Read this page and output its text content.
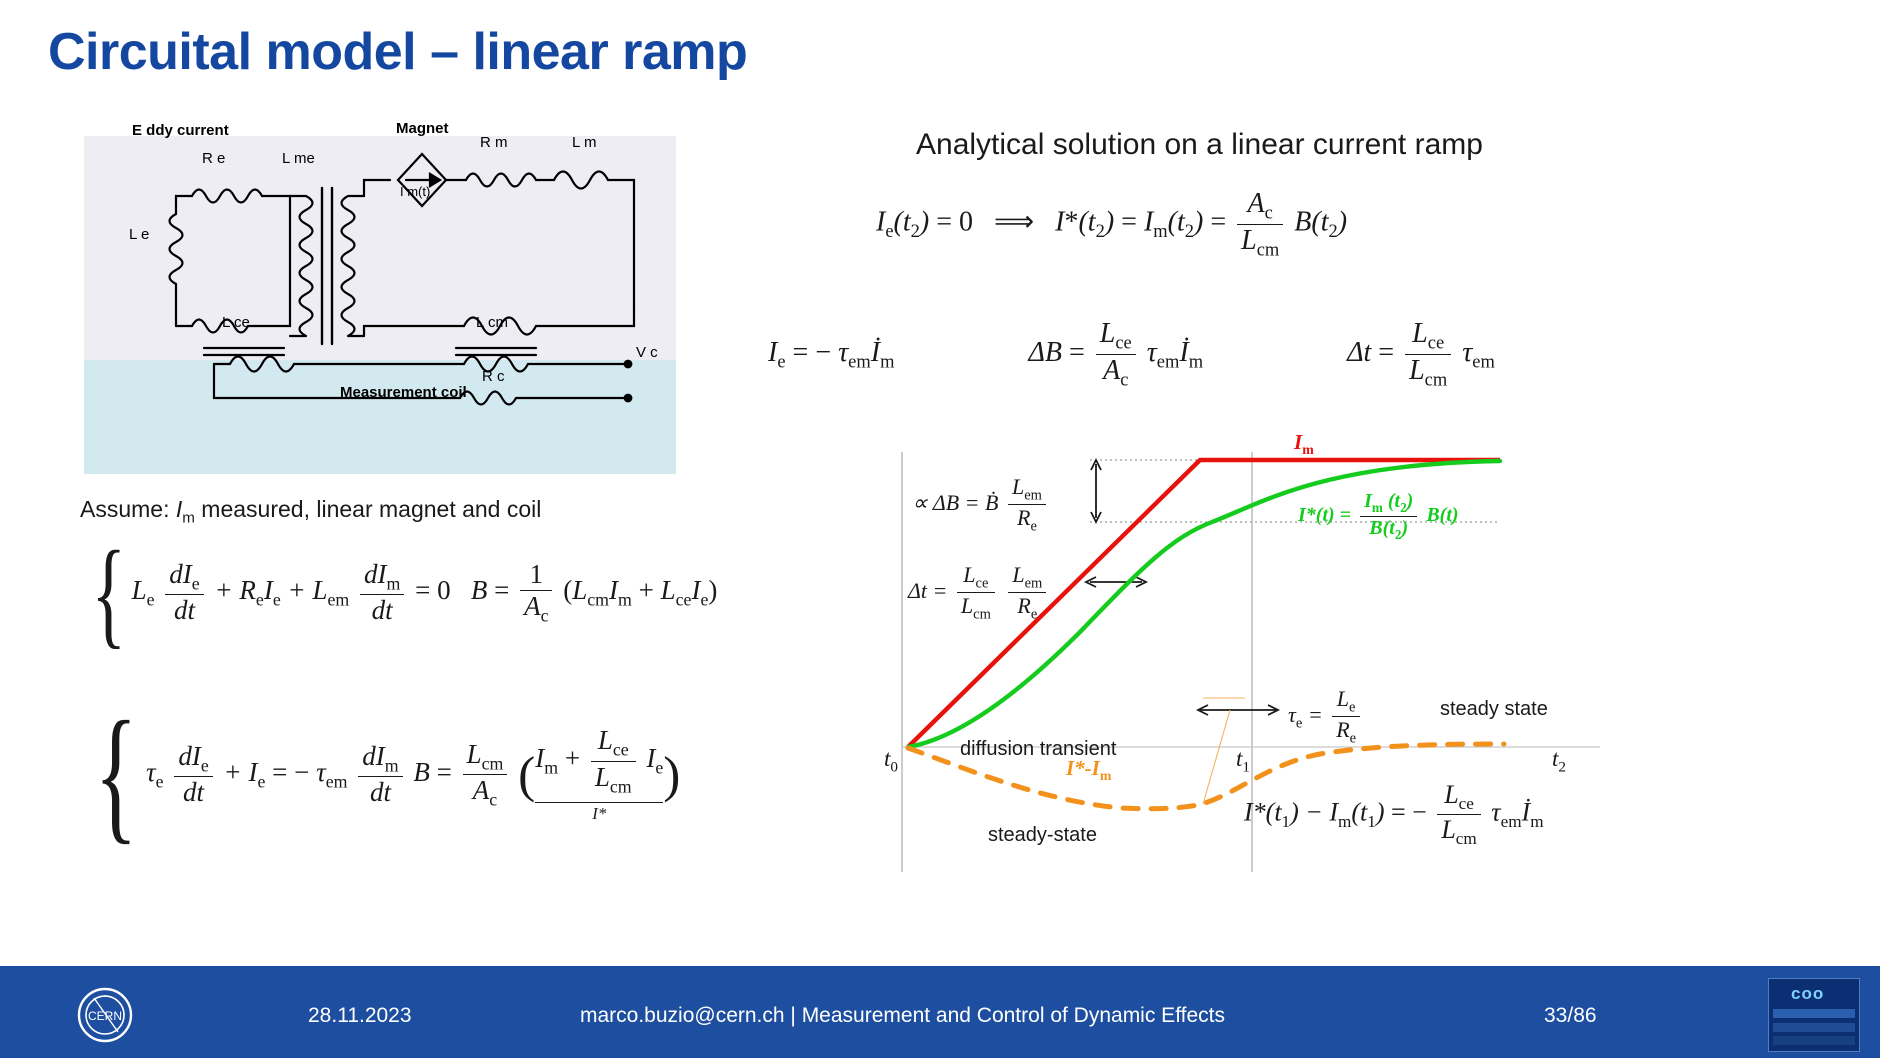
Circuital model – linear ramp
E ddy current	Magnet
R e	L me
L e
L ce
R m	L m
L cm
R c
V c
I m(t)
Measurement coil
Assume: $I_m$ measured, linear magnet and coil
{$L_e \frac{dI_e}{dt} + R_eI_e + L_{em} \frac{dI_m}{dt} = 0$   $B = \frac{1}{A_c} (L_{cm}I_m + L_{ce}I_e)$
{$\tau_e \frac{dI_e}{dt} + I_e$ = − $\tau_{em} \frac{dI_m}{dt}$ $B = \frac{L_{cm}}{A_c} (I_m + \frac{L_{ce}}{L_{cm}} I_e$
I*
)
Analytical solution on a linear current ramp
$I_e(t_2) = 0$ ⟹   $I*(t_2) = I_m(t_2) = \frac{A_c}{L_{cm}} B(t_2)$
$I_e$ = − $\tau_{em}İ_m$	$\Delta B = \frac{L_{ce}}{A_c}$ $\tau_{em}İ_m$	$\Delta t = \frac{L_{ce}}{L_{cm}} \tau_{em}$
∝ ΔB = Ḃ $\frac{L_{em}}{R_e}$
$\Delta t = \frac{L_{ce}}{L_{cm}}$
$\frac{L_{em}}{R_e}$
$\tau_e = \frac{L_e}{R_e}$	steady state
diffusion transient
steady-state
$I_m$
$I*(t) = \frac{I_m (t_2)}{B(t_2)} B(t)$
$I*-I_m$
$t_0$	$t_1$	$t_2$
$I*(t_1) - I_m(t_1)$ = − $\frac{L_{ce}}{L_{cm}}$ $\tau_{em}İ_m$
CERN	28.11.2023	marco.buzio@cern.ch | Measurement and Control of Dynamic Effects	33/86
coo
